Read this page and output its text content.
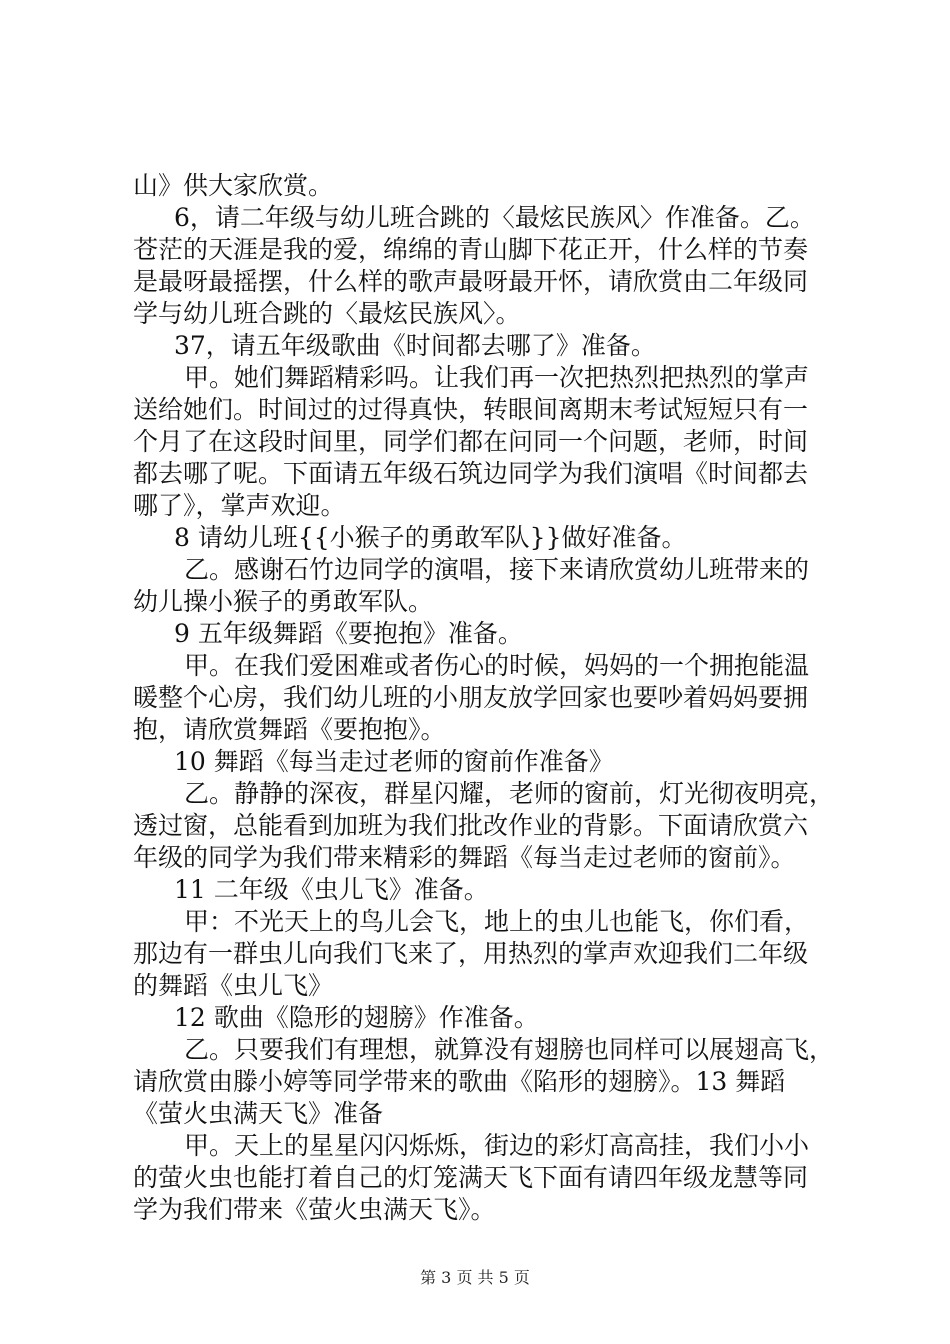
山》供大家欣赏。
6，请二年级与幼儿班合跳的〈最炫民族风〉作准备。乙。
苍茫的天涯是我的爱，绵绵的青山脚下花正开，什么样的节奏
是最呀最摇摆，什么样的歌声最呀最开怀，请欣赏由二年级同
学与幼儿班合跳的〈最炫民族风〉。
37，请五年级歌曲《时间都去哪了》准备。
甲。她们舞蹈精彩吗。让我们再一次把热烈把热烈的掌声
送给她们。时间过的过得真快，转眼间离期末考试短短只有一
个月了在这段时间里，同学们都在问同一个问题，老师，时间
都去哪了呢。下面请五年级石筑边同学为我们演唱《时间都去
哪了》，掌声欢迎。
8 请幼儿班{{小猴子的勇敢军队}}做好准备。
乙。感谢石竹边同学的演唱，接下来请欣赏幼儿班带来的
幼儿操小猴子的勇敢军队。
9 五年级舞蹈《要抱抱》准备。
甲。在我们爱困难或者伤心的时候，妈妈的一个拥抱能温
暖整个心房，我们幼儿班的小朋友放学回家也要吵着妈妈要拥
抱，请欣赏舞蹈《要抱抱》。
10 舞蹈《每当走过老师的窗前作准备》
乙。静静的深夜，群星闪耀，老师的窗前，灯光彻夜明亮，
透过窗，总能看到加班为我们批改作业的背影。下面请欣赏六
年级的同学为我们带来精彩的舞蹈《每当走过老师的窗前》。
11 二年级《虫儿飞》准备。
甲：不光天上的鸟儿会飞，地上的虫儿也能飞，你们看，
那边有一群虫儿向我们飞来了，用热烈的掌声欢迎我们二年级
的舞蹈《虫儿飞》
12 歌曲《隐形的翅膀》作准备。
乙。只要我们有理想，就算没有翅膀也同样可以展翅高飞，
请欣赏由滕小婷等同学带来的歌曲《陷形的翅膀》。13 舞蹈
《萤火虫满天飞》准备
甲。天上的星星闪闪烁烁，街边的彩灯高高挂，我们小小
的萤火虫也能打着自己的灯笼满天飞下面有请四年级龙慧等同
学为我们带来《萤火虫满天飞》。
第 3 页 共 5 页
